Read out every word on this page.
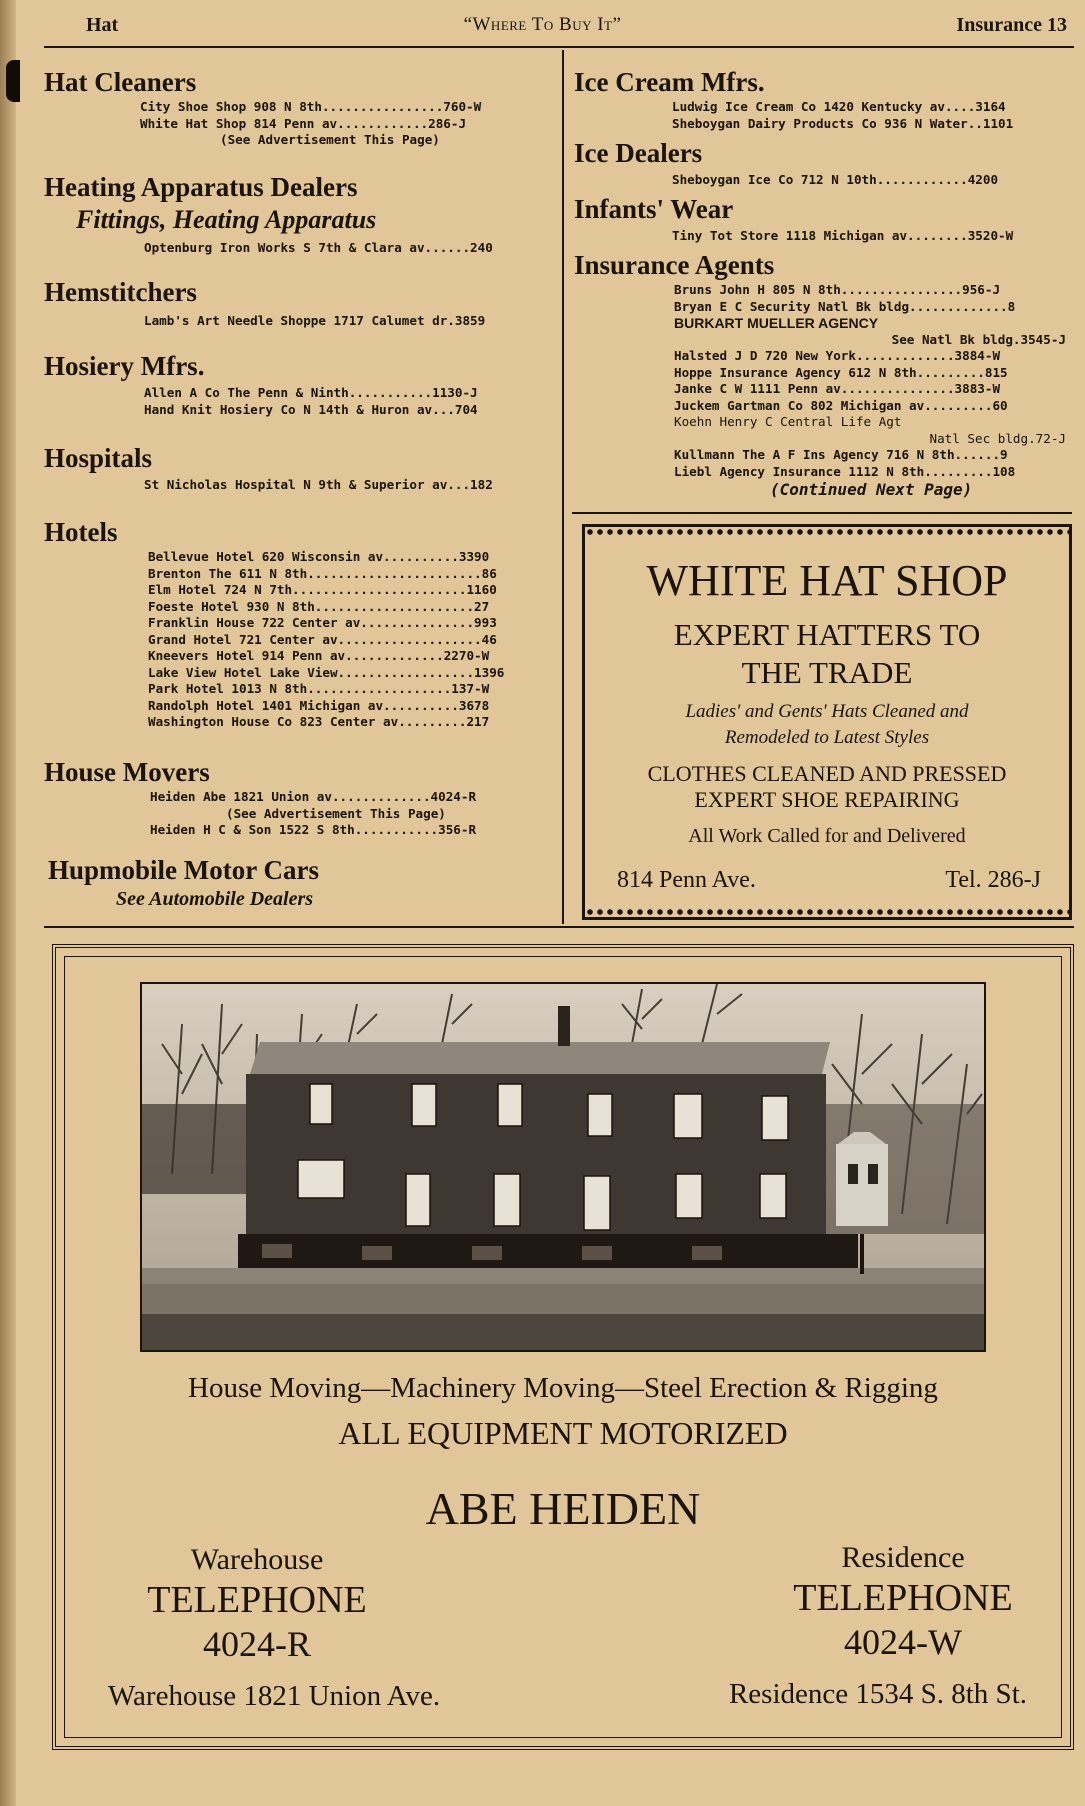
Hat	“Where To Buy It”	Insurance 13
Hat Cleaners
City Shoe Shop 908 N 8th................760-W
White Hat Shop 814 Penn av............286-J
(See Advertisement This Page)
Heating Apparatus Dealers
Fittings, Heating Apparatus
Optenburg Iron Works S 7th & Clara av......240
Hemstitchers
Lamb's Art Needle Shoppe 1717 Calumet dr.3859
Hosiery Mfrs.
Allen A Co The Penn & Ninth...........1130-J
Hand Knit Hosiery Co N 14th & Huron av...704
Hospitals
St Nicholas Hospital N 9th & Superior av...182
Hotels
Bellevue Hotel 620 Wisconsin av..........3390
Brenton The 611 N 8th.......................86
Elm Hotel 724 N 7th.......................1160
Foeste Hotel 930 N 8th.....................27
Franklin House 722 Center av...............993
Grand Hotel 721 Center av...................46
Kneevers Hotel 914 Penn av.............2270-W
Lake View Hotel Lake View..................1396
Park Hotel 1013 N 8th...................137-W
Randolph Hotel 1401 Michigan av..........3678
Washington House Co 823 Center av.........217
House Movers
Heiden Abe 1821 Union av.............4024-R
(See Advertisement This Page)
Heiden H C & Son 1522 S 8th...........356-R
Hupmobile Motor Cars
See Automobile Dealers
Ice Cream Mfrs.
Ludwig Ice Cream Co 1420 Kentucky av....3164
Sheboygan Dairy Products Co 936 N Water..1101
Ice Dealers
Sheboygan Ice Co 712 N 10th............4200
Infants' Wear
Tiny Tot Store 1118 Michigan av........3520-W
Insurance Agents
Bruns John H 805 N 8th................956-J
Bryan E C Security Natl Bk bldg.............8
BURKART MUELLER AGENCY
See Natl Bk bldg.3545-J
Halsted J D 720 New York.............3884-W
Hoppe Insurance Agency 612 N 8th.........815
Janke C W 1111 Penn av...............3883-W
Juckem Gartman Co 802 Michigan av.........60
Koehn Henry C Central Life Agt
Natl Sec bldg.72-J
Kullmann The A F Ins Agency 716 N 8th......9
Liebl Agency Insurance 1112 N 8th.........108
(Continued Next Page)
WHITE HAT SHOP
EXPERT HATTERS TO
THE TRADE
Ladies' and Gents' Hats Cleaned and
Remodeled to Latest Styles
CLOTHES CLEANED AND PRESSED
EXPERT SHOE REPAIRING
All Work Called for and Delivered
814 Penn Ave.	Tel. 286-J
House Moving—Machinery Moving—Steel Erection & Rigging
ALL EQUIPMENT MOTORIZED
ABE HEIDEN
Warehouse
TELEPHONE
4024-R
Residence
TELEPHONE
4024-W
Warehouse 1821 Union Ave.	Residence 1534 S. 8th St.
